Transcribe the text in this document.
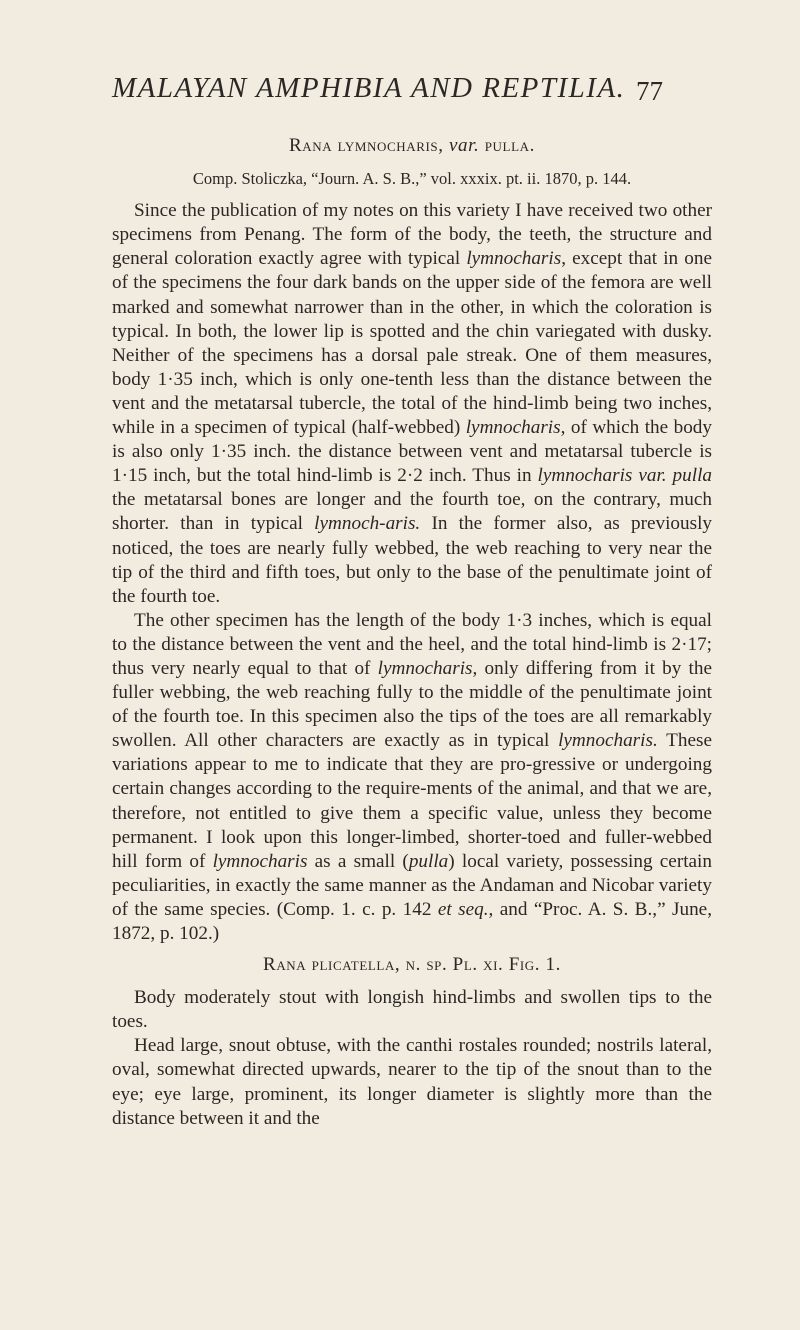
MALAYAN AMPHIBIA AND REPTILIA. 77

Rana lymnocharis, var. pulla.

Comp. Stoliczka, “Journ. A. S. B.,” vol. xxxix. pt. ii. 1870, p. 144.

Since the publication of my notes on this variety I have received two other specimens from Penang. The form of the body, the teeth, the structure and general coloration exactly agree with typical lymnocharis, except that in one of the specimens the four dark bands on the upper side of the femora are well marked and somewhat narrower than in the other, in which the coloration is typical. In both, the lower lip is spotted and the chin variegated with dusky. Neither of the specimens has a dorsal pale streak. One of them measures, body 1·35 inch, which is only one-tenth less than the distance between the vent and the metatarsal tubercle, the total of the hind-limb being two inches, while in a specimen of typical (half-webbed) lymnocharis, of which the body is also only 1·35 inch. the distance between vent and metatarsal tubercle is 1·15 inch, but the total hind-limb is 2·2 inch. Thus in lymnocharis var. pulla the metatarsal bones are longer and the fourth toe, on the contrary, much shorter. than in typical lymnoch-aris. In the former also, as previously noticed, the toes are nearly fully webbed, the web reaching to very near the tip of the third and fifth toes, but only to the base of the penultimate joint of the fourth toe.

The other specimen has the length of the body 1·3 inches, which is equal to the distance between the vent and the heel, and the total hind-limb is 2·17; thus very nearly equal to that of lymnocharis, only differing from it by the fuller webbing, the web reaching fully to the middle of the penultimate joint of the fourth toe. In this specimen also the tips of the toes are all remarkably swollen. All other characters are exactly as in typical lymnocharis. These variations appear to me to indicate that they are pro-gressive or undergoing certain changes according to the require-ments of the animal, and that we are, therefore, not entitled to give them a specific value, unless they become permanent. I look upon this longer-limbed, shorter-toed and fuller-webbed hill form of lymnocharis as a small (pulla) local variety, possessing certain peculiarities, in exactly the same manner as the Andaman and Nicobar variety of the same species. (Comp. 1. c. p. 142 et seq., and “Proc. A. S. B.,” June, 1872, p. 102.)

Rana plicatella, n. sp. Pl. xi. Fig. 1.

Body moderately stout with longish hind-limbs and swollen tips to the toes.

Head large, snout obtuse, with the canthi rostales rounded; nostrils lateral, oval, somewhat directed upwards, nearer to the tip of the snout than to the eye; eye large, prominent, its longer diameter is slightly more than the distance between it and the
